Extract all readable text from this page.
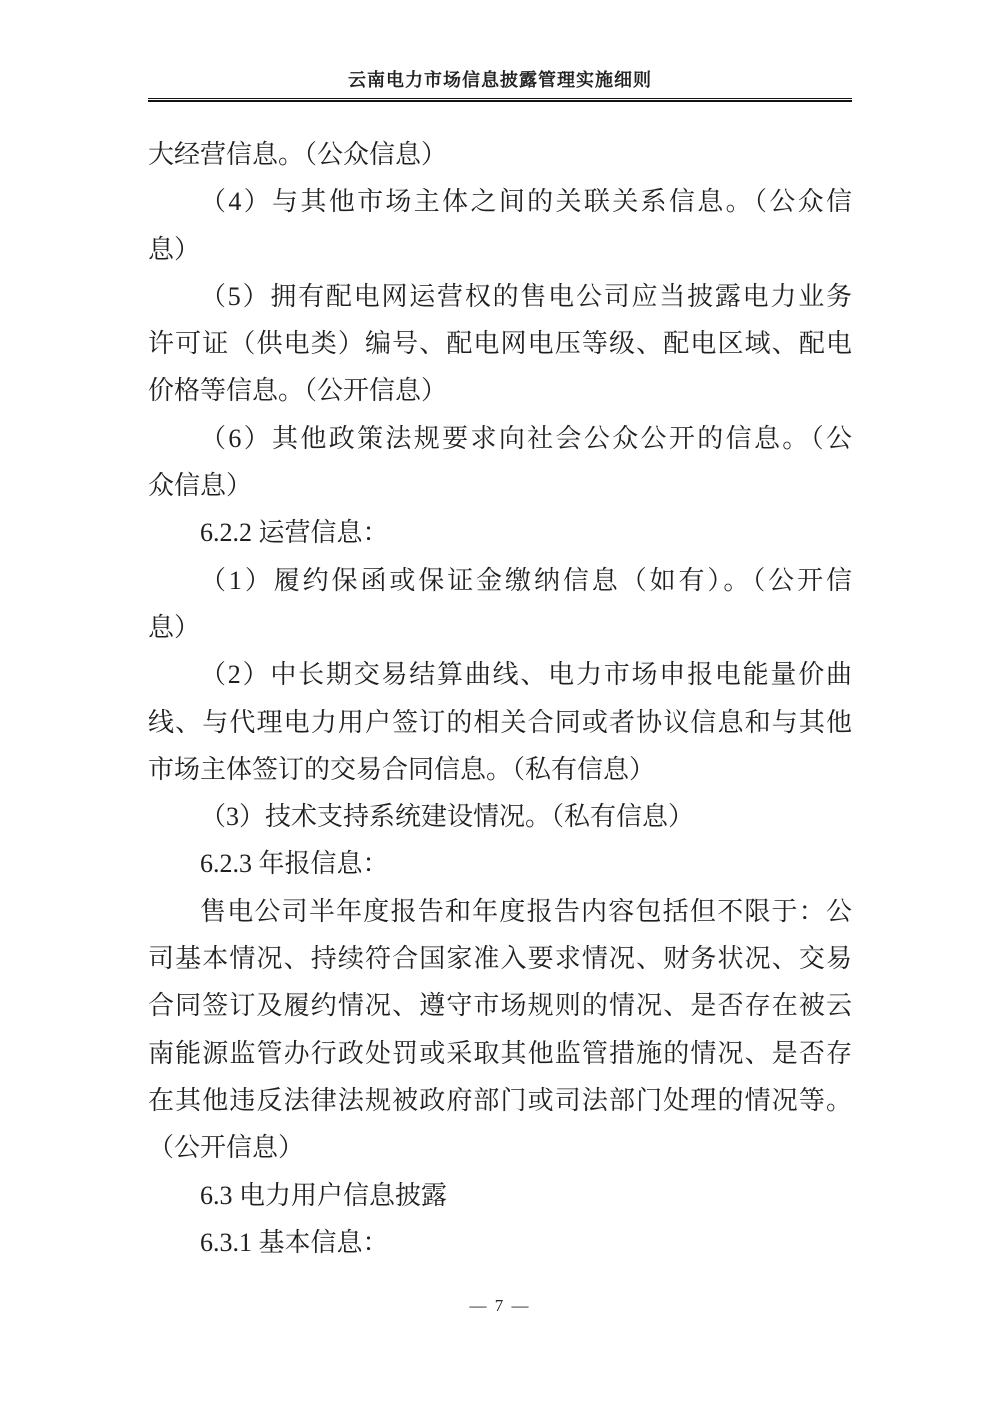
云南电力市场信息披露管理实施细则
大经营信息。（公众信息）
（4）与其他市场主体之间的关联关系信息。（公众信
息）
（5）拥有配电网运营权的售电公司应当披露电力业务
许可证（供电类）编号、配电网电压等级、配电区域、配电
价格等信息。（公开信息）
（6）其他政策法规要求向社会公众公开的信息。（公
众信息）
6.2.2 运营信息：
（1）履约保函或保证金缴纳信息（如有）。（公开信
息）
（2）中长期交易结算曲线、电力市场申报电能量价曲
线、与代理电力用户签订的相关合同或者协议信息和与其他
市场主体签订的交易合同信息。（私有信息）
（3）技术支持系统建设情况。（私有信息）
6.2.3 年报信息：
售电公司半年度报告和年度报告内容包括但不限于：公
司基本情况、持续符合国家准入要求情况、财务状况、交易
合同签订及履约情况、遵守市场规则的情况、是否存在被云
南能源监管办行政处罚或采取其他监管措施的情况、是否存
在其他违反法律法规被政府部门或司法部门处理的情况等。
（公开信息）
6.3 电力用户信息披露
6.3.1 基本信息：
— 7 —
